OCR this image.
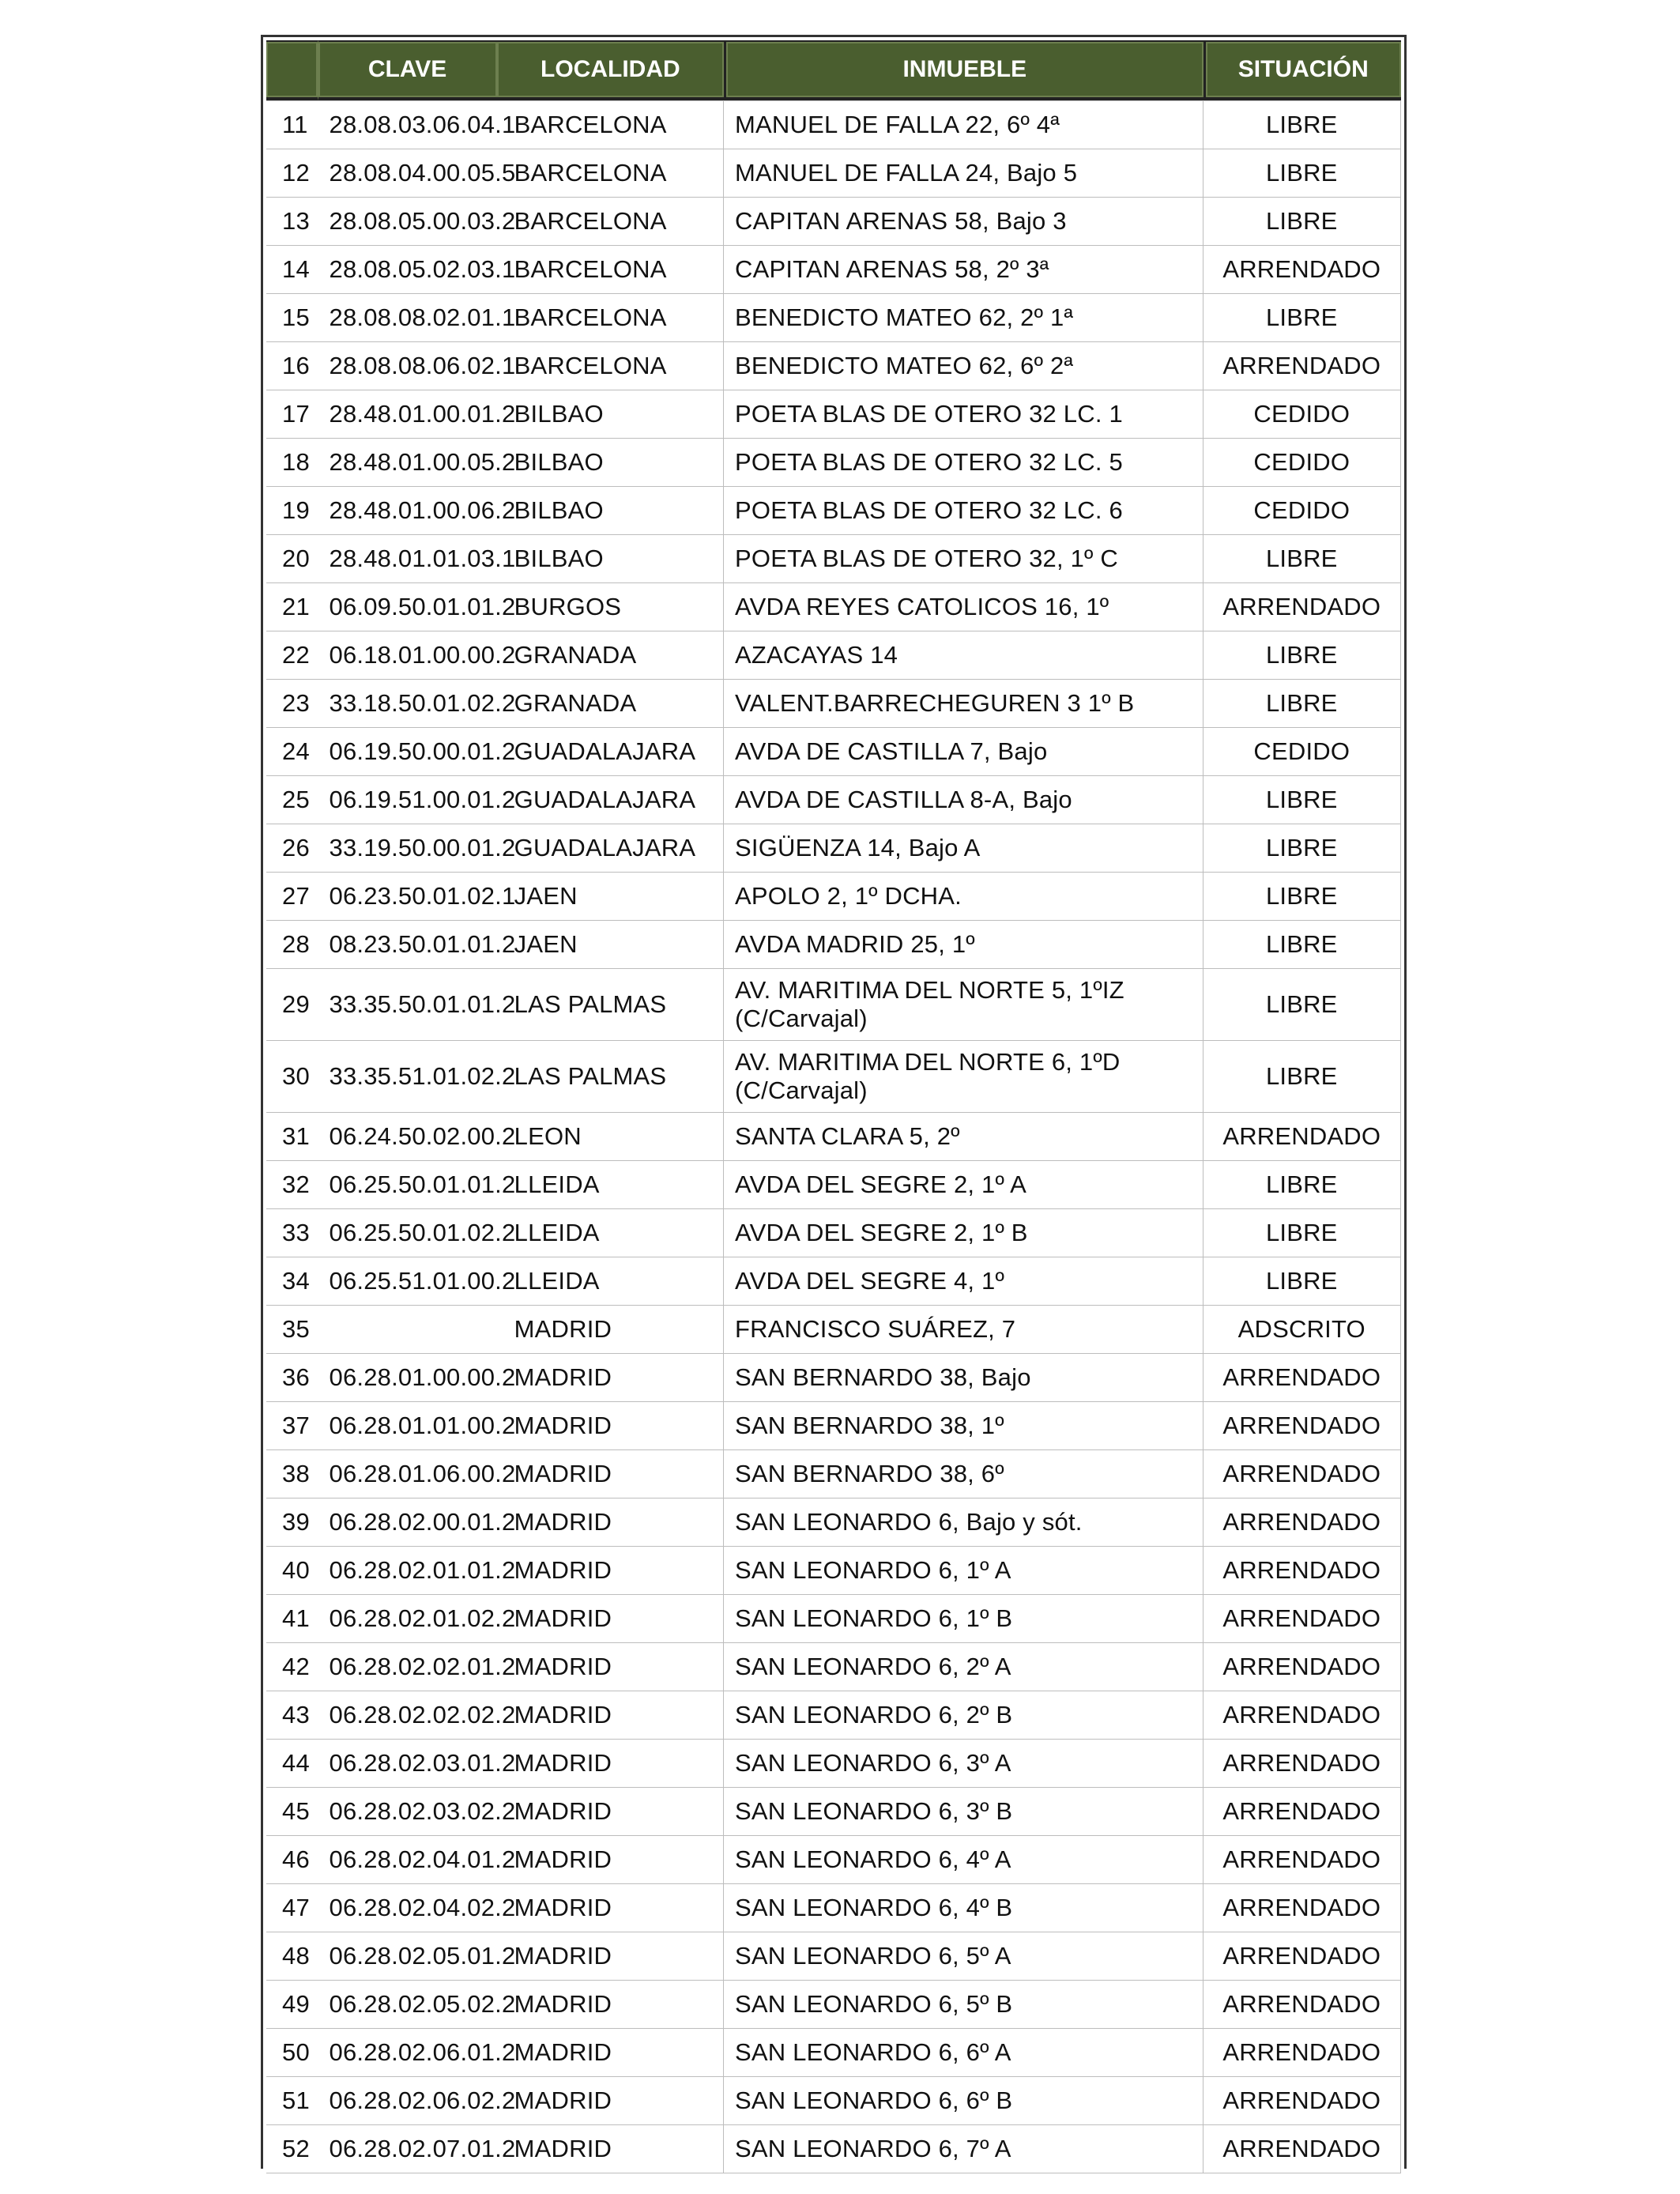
	CLAVE	LOCALIDAD	INMUEBLE	SITUACIÓN
11	28.08.03.06.04.1	BARCELONA	MANUEL DE FALLA 22, 6º 4ª	LIBRE
12	28.08.04.00.05.5	BARCELONA	MANUEL DE FALLA 24, Bajo 5	LIBRE
13	28.08.05.00.03.2	BARCELONA	CAPITAN ARENAS 58, Bajo 3	LIBRE
14	28.08.05.02.03.1	BARCELONA	CAPITAN ARENAS 58, 2º 3ª	ARRENDADO
15	28.08.08.02.01.1	BARCELONA	BENEDICTO MATEO 62, 2º 1ª	LIBRE
16	28.08.08.06.02.1	BARCELONA	BENEDICTO MATEO 62, 6º 2ª	ARRENDADO
17	28.48.01.00.01.2	BILBAO	POETA BLAS DE OTERO 32 LC. 1	CEDIDO
18	28.48.01.00.05.2	BILBAO	POETA BLAS DE OTERO 32 LC. 5	CEDIDO
19	28.48.01.00.06.2	BILBAO	POETA BLAS DE OTERO 32 LC. 6	CEDIDO
20	28.48.01.01.03.1	BILBAO	POETA BLAS DE OTERO 32, 1º C	LIBRE
21	06.09.50.01.01.2	BURGOS	AVDA REYES CATOLICOS 16, 1º	ARRENDADO
22	06.18.01.00.00.2	GRANADA	AZACAYAS 14	LIBRE
23	33.18.50.01.02.2	GRANADA	VALENT.BARRECHEGUREN 3 1º B	LIBRE
24	06.19.50.00.01.2	GUADALAJARA	AVDA DE CASTILLA 7, Bajo	CEDIDO
25	06.19.51.00.01.2	GUADALAJARA	AVDA DE CASTILLA 8-A, Bajo	LIBRE
26	33.19.50.00.01.2	GUADALAJARA	SIGÜENZA 14, Bajo A	LIBRE
27	06.23.50.01.02.1	JAEN	APOLO 2, 1º DCHA.	LIBRE
28	08.23.50.01.01.2	JAEN	AVDA MADRID 25, 1º	LIBRE
29	33.35.50.01.01.2	LAS PALMAS	AV. MARITIMA DEL NORTE 5, 1ºIZ (C/Carvajal)	LIBRE
30	33.35.51.01.02.2	LAS PALMAS	AV. MARITIMA DEL NORTE 6, 1ºD (C/Carvajal)	LIBRE
31	06.24.50.02.00.2	LEON	SANTA CLARA 5, 2º	ARRENDADO
32	06.25.50.01.01.2	LLEIDA	AVDA DEL SEGRE 2, 1º A	LIBRE
33	06.25.50.01.02.2	LLEIDA	AVDA DEL SEGRE 2, 1º B	LIBRE
34	06.25.51.01.00.2	LLEIDA	AVDA DEL SEGRE 4, 1º	LIBRE
35		MADRID	FRANCISCO SUÁREZ, 7	ADSCRITO
36	06.28.01.00.00.2	MADRID	SAN BERNARDO 38, Bajo	ARRENDADO
37	06.28.01.01.00.2	MADRID	SAN BERNARDO 38, 1º	ARRENDADO
38	06.28.01.06.00.2	MADRID	SAN BERNARDO 38, 6º	ARRENDADO
39	06.28.02.00.01.2	MADRID	SAN LEONARDO 6, Bajo y sót.	ARRENDADO
40	06.28.02.01.01.2	MADRID	SAN LEONARDO 6, 1º A	ARRENDADO
41	06.28.02.01.02.2	MADRID	SAN LEONARDO 6, 1º B	ARRENDADO
42	06.28.02.02.01.2	MADRID	SAN LEONARDO 6, 2º A	ARRENDADO
43	06.28.02.02.02.2	MADRID	SAN LEONARDO 6, 2º B	ARRENDADO
44	06.28.02.03.01.2	MADRID	SAN LEONARDO 6, 3º A	ARRENDADO
45	06.28.02.03.02.2	MADRID	SAN LEONARDO 6, 3º B	ARRENDADO
46	06.28.02.04.01.2	MADRID	SAN LEONARDO 6, 4º A	ARRENDADO
47	06.28.02.04.02.2	MADRID	SAN LEONARDO 6, 4º B	ARRENDADO
48	06.28.02.05.01.2	MADRID	SAN LEONARDO 6, 5º A	ARRENDADO
49	06.28.02.05.02.2	MADRID	SAN LEONARDO 6, 5º B	ARRENDADO
50	06.28.02.06.01.2	MADRID	SAN LEONARDO 6, 6º A	ARRENDADO
51	06.28.02.06.02.2	MADRID	SAN LEONARDO 6, 6º B	ARRENDADO
52	06.28.02.07.01.2	MADRID	SAN LEONARDO 6, 7º A	ARRENDADO
